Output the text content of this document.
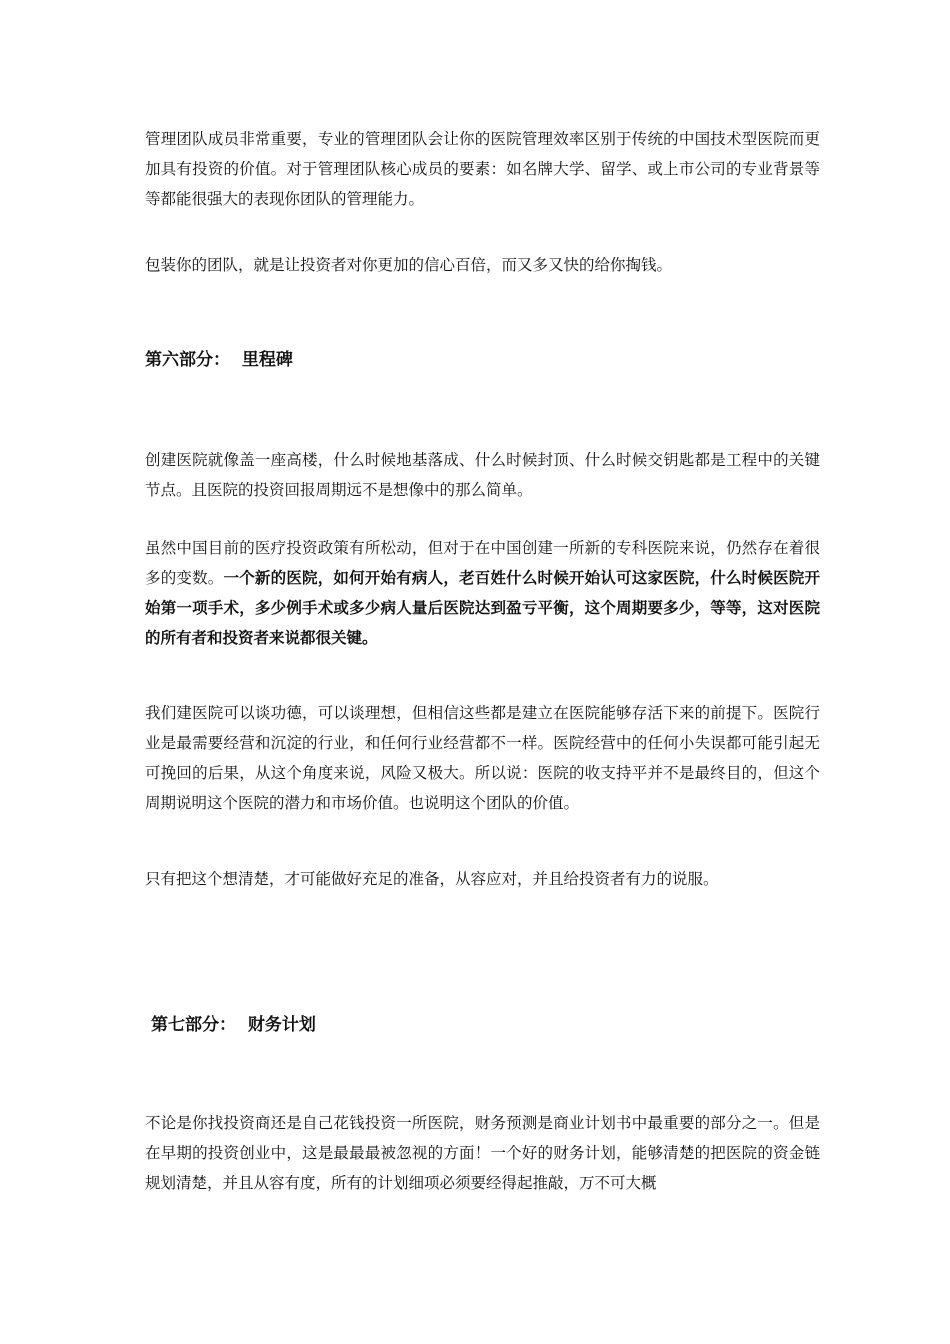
管理团队成员非常重要，专业的管理团队会让你的医院管理效率区别于传统的中国技术型医院而更加具有投资的价值。对于管理团队核心成员的要素：如名牌大学、留学、或上市公司的专业背景等等都能很强大的表现你团队的管理能力。

包装你的团队，就是让投资者对你更加的信心百倍，而又多又快的给你掏钱。

第六部分：  里程碑

创建医院就像盖一座高楼，什么时候地基落成、什么时候封顶、什么时候交钥匙都是工程中的关键节点。且医院的投资回报周期远不是想像中的那么简单。

虽然中国目前的医疗投资政策有所松动，但对于在中国创建一所新的专科医院来说，仍然存在着很多的变数。一个新的医院，如何开始有病人，老百姓什么时候开始认可这家医院，什么时候医院开始第一项手术，多少例手术或多少病人量后医院达到盈亏平衡，这个周期要多少，等等，这对医院的所有者和投资者来说都很关键。

我们建医院可以谈功德，可以谈理想，但相信这些都是建立在医院能够存活下来的前提下。医院行业是最需要经营和沉淀的行业，和任何行业经营都不一样。医院经营中的任何小失误都可能引起无可挽回的后果，从这个角度来说，风险又极大。所以说：医院的收支持平并不是最终目的，但这个周期说明这个医院的潜力和市场价值。也说明这个团队的价值。

只有把这个想清楚，才可能做好充足的准备，从容应对，并且给投资者有力的说服。

第七部分：  财务计划

不论是你找投资商还是自己花钱投资一所医院，财务预测是商业计划书中最重要的部分之一。但是在早期的投资创业中，这是最最最被忽视的方面！一个好的财务计划，能够清楚的把医院的资金链规划清楚，并且从容有度，所有的计划细项必须要经得起推敲，万不可大概
